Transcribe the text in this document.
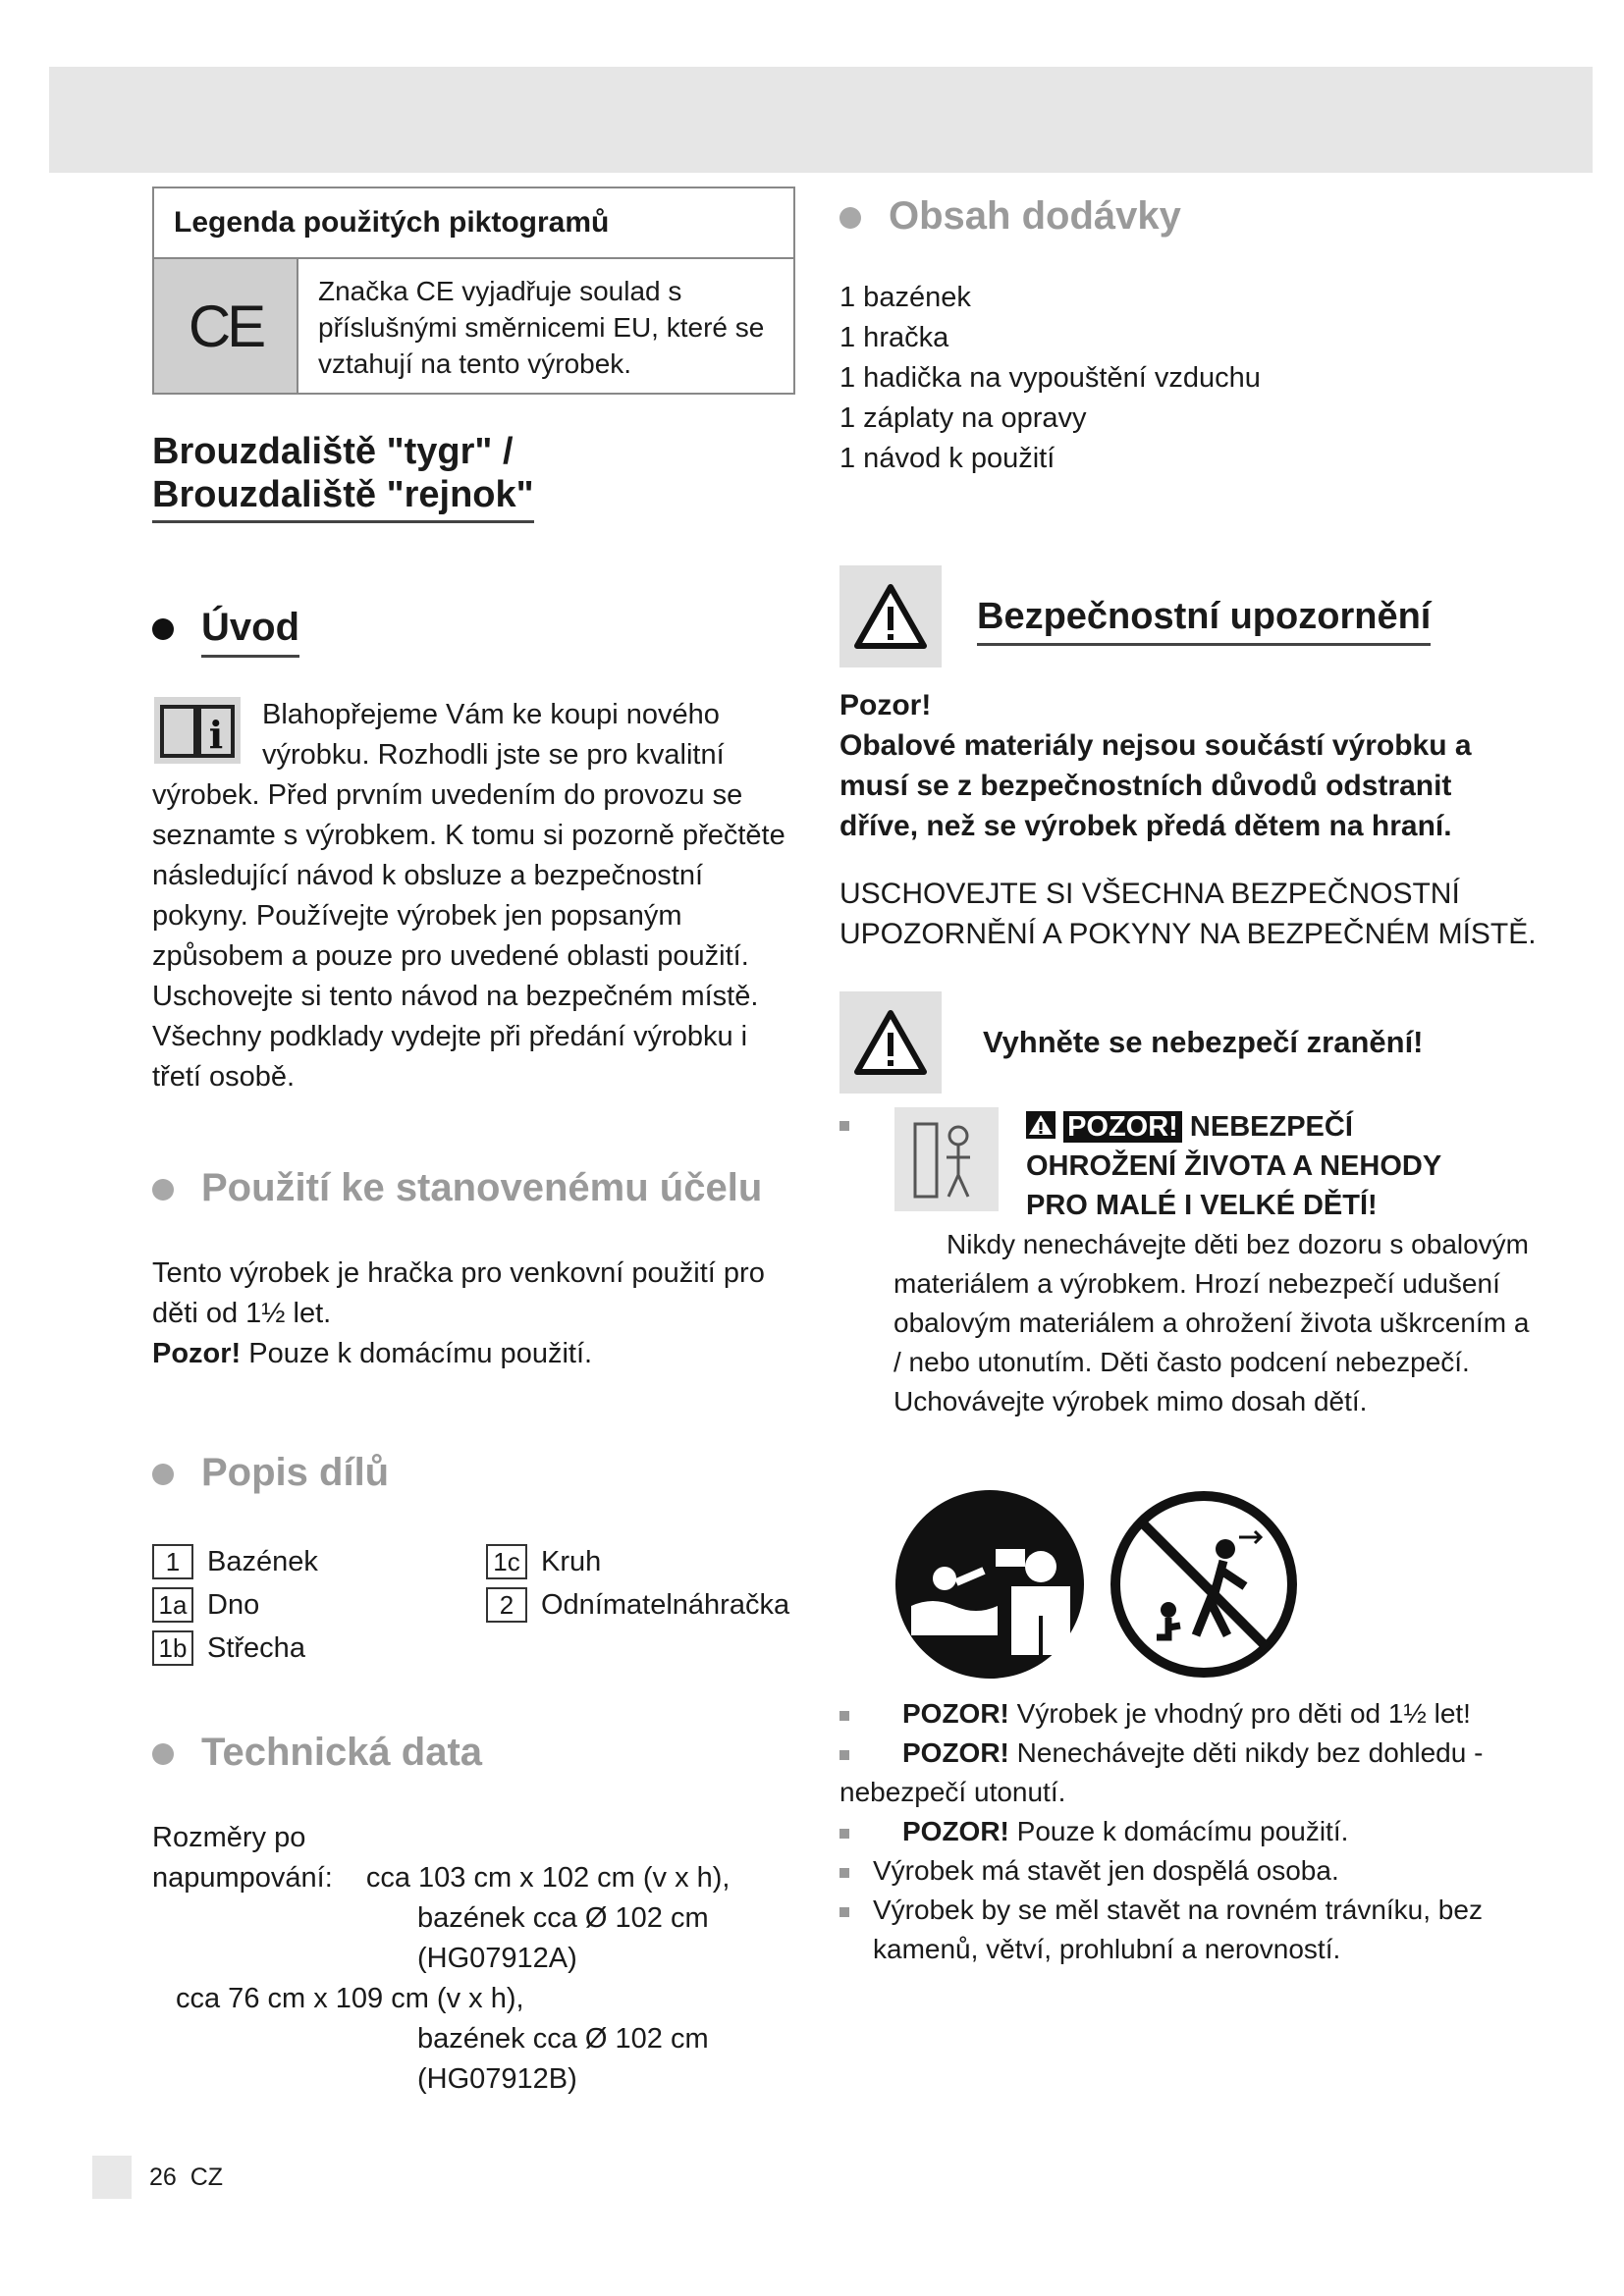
Legenda použitých piktogramů
CE
Značka CE vyjadřuje soulad s příslušnými směrnicemi EU, které se vztahují na tento výrobek.
Brouzdaliště "tygr" /
Brouzdaliště "rejnok"
Úvod
i Blahopřejeme Vám ke koupi nového výrobku. Rozhodli jste se pro kvalitní výrobek. Před prvním uvedením do provozu se seznamte s výrobkem. K tomu si pozorně přečtěte následující návod k obsluze a bezpečnostní pokyny. Používejte výrobek jen popsaným způsobem a pouze pro uvedené oblasti použití. Uschovejte si tento návod na bezpečném místě. Všechny podklady vydejte při předání výrobku i třetí osobě.
Použití ke stanovenému účelu
Tento výrobek je hračka pro venkovní použití pro děti od 1½ let.
Pozor! Pouze k domácímu použití.
Popis dílů
1 Bazének	1c Kruh
1a Dno	2 Odnímatelnáhračka
1b Střecha
Technická data
Rozměry po
napumpování: cca 103 cm x 102 cm (v x h),
bazének cca Ø 102 cm
(HG07912A)
cca 76 cm x 109 cm (v x h),
bazének cca Ø 102 cm
(HG07912B)
Obsah dodávky
1 bazének
1 hračka
1 hadička na vypouštění vzduchu
1 záplaty na opravy
1 návod k použití
Bezpečnostní upozornění
Pozor!
Obalové materiály nejsou součástí výrobku a musí se z bezpečnostních důvodů odstranit dříve, než se výrobek předá dětem na hraní.
USCHOVEJTE SI VŠECHNA BEZPEČNOSTNÍ UPOZORNĚNÍ A POKYNY NA BEZPEČNÉM MÍSTĚ.
Vyhněte se nebezpečí zranění!
POZOR! NEBEZPEČÍ
OHROŽENÍ ŽIVOTA A NEHODY
PRO MALÉ I VELKÉ DĚTÍ!
Nikdy nenechávejte děti bez dozoru s obalovým materiálem a výrobkem. Hrozí nebezpečí udušení obalovým materiálem a ohrožení života uškrcením a / nebo utonutím. Děti často podcení nebezpečí. Uchovávejte výrobek mimo dosah dětí.
POZOR! Výrobek je vhodný pro děti od 1½ let!
POZOR! Nenechávejte děti nikdy bez dohledu - nebezpečí utonutí.
POZOR! Pouze k domácímu použití.
Výrobek má stavět jen dospělá osoba.
Výrobek by se měl stavět na rovném trávníku, bez kamenů, větví, prohlubní a nerovností.
26 CZ
